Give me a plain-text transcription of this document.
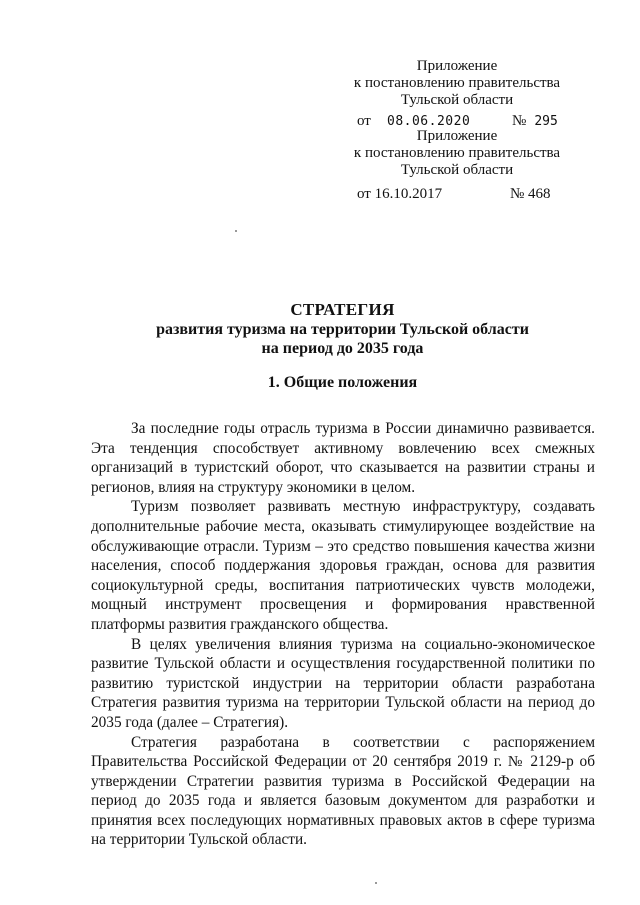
Приложение
к постановлению правительства
Тульской области
от 08.06.2020	№ 295
Приложение
к постановлению правительства
Тульской области
от 16.10.2017	№ 468
СТРАТЕГИЯ
развития туризма на территории Тульской области
на период до 2035 года
1. Общие положения

За последние годы отрасль туризма в России динамично развивается. Эта тенденция способствует активному вовлечению всех смежных организаций в туристский оборот, что сказывается на развитии страны и регионов, влияя на структуру экономики в целом.

Туризм позволяет развивать местную инфраструктуру, создавать дополнительные рабочие места, оказывать стимулирующее воздействие на обслуживающие отрасли. Туризм – это средство повышения качества жизни населения, способ поддержания здоровья граждан, основа для развития социокультурной среды, воспитания патриотических чувств молодежи, мощный инструмент просвещения и формирования нравственной платформы развития гражданского общества.

В целях увеличения влияния туризма на социально-экономическое развитие Тульской области и осуществления государственной политики по развитию туристской индустрии на территории области разработана Стратегия развития туризма на территории Тульской области на период до 2035 года (далее – Стратегия).

Стратегия разработана в соответствии с распоряжением Правительства Российской Федерации от 20 сентября 2019 г. № 2129-р об утверждении Стратегии развития туризма в Российской Федерации на период до 2035 года и является базовым документом для разработки и принятия всех последующих нормативных правовых актов в сфере туризма на территории Тульской области.
